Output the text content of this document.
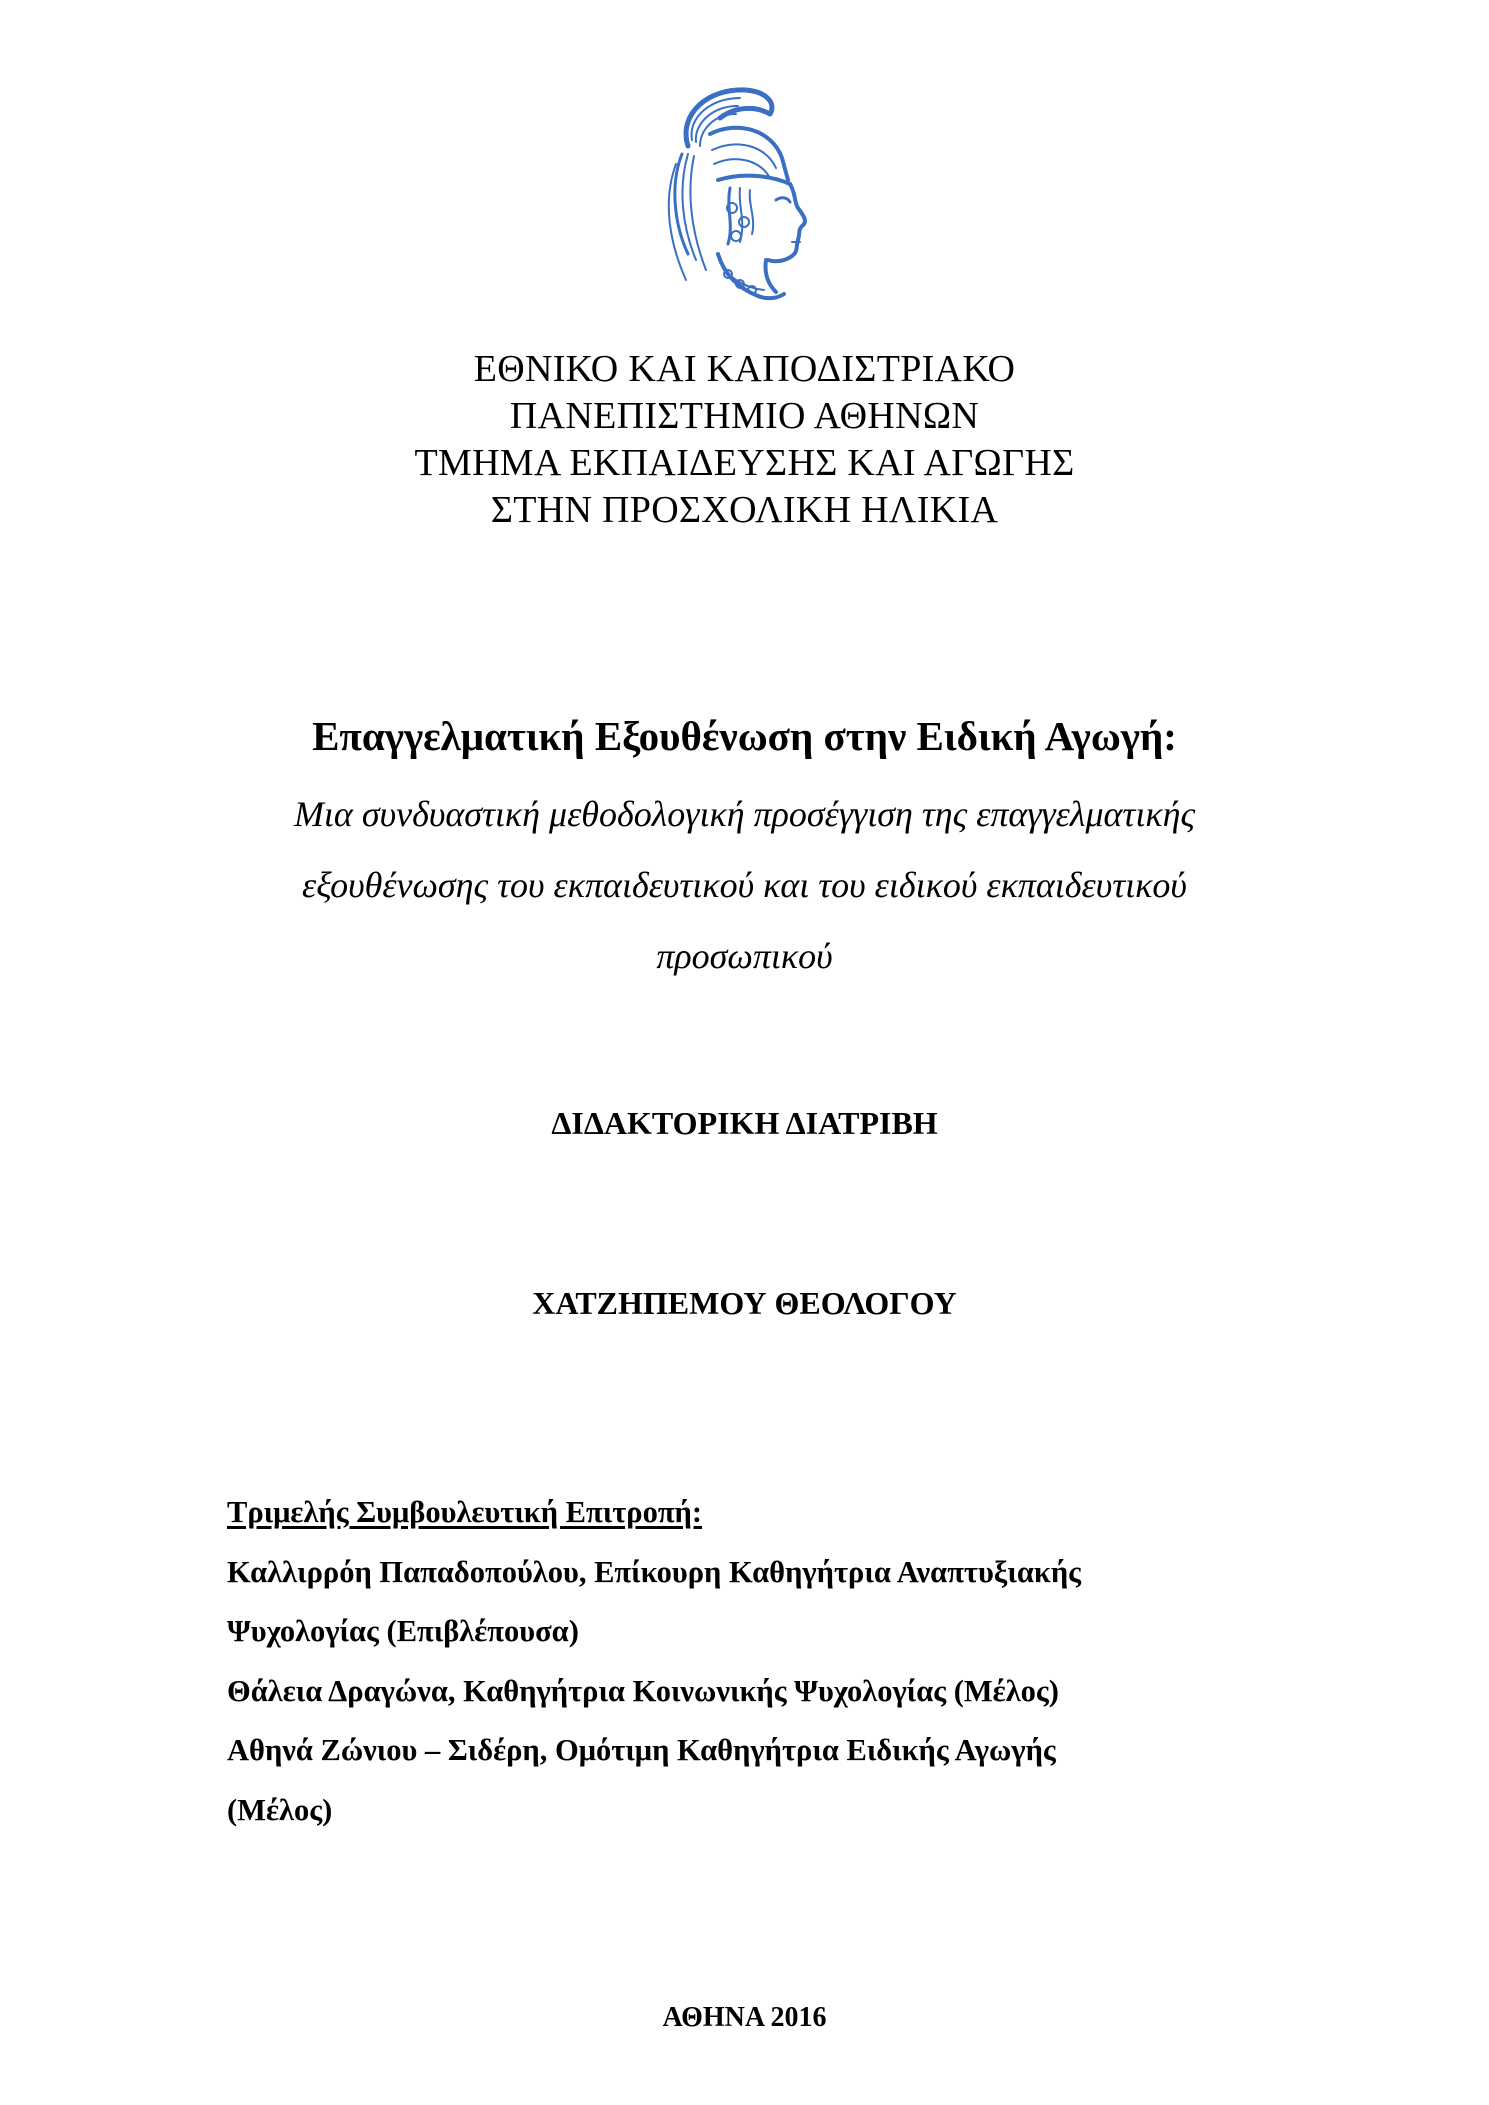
ΕΘΝΙΚΟ ΚΑΙ ΚΑΠΟΔΙΣΤΡΙΑΚΟ
ΠΑΝΕΠΙΣΤΗΜΙΟ ΑΘΗΝΩΝ
ΤΜΗΜΑ ΕΚΠΑΙΔΕΥΣΗΣ ΚΑΙ ΑΓΩΓΗΣ
ΣΤΗΝ ΠΡΟΣΧΟΛΙΚΗ ΗΛΙΚΙΑ
Επαγγελματική Εξουθένωση στην Ειδική Αγωγή:
Μια συνδυαστική μεθοδολογική προσέγγιση της επαγγελματικής
εξουθένωσης του εκπαιδευτικού και του ειδικού εκπαιδευτικού
προσωπικού
ΔΙΔΑΚΤΟΡΙΚΗ ΔΙΑΤΡΙΒΗ
ΧΑΤΖΗΠΕΜΟΥ ΘΕΟΛΟΓΟΥ
Τριμελής Συμβουλευτική Επιτροπή:
Καλλιρρόη Παπαδοπούλου, Επίκουρη Καθηγήτρια Αναπτυξιακής
Ψυχολογίας (Επιβλέπουσα)
Θάλεια Δραγώνα, Καθηγήτρια Κοινωνικής Ψυχολογίας (Μέλος)
Αθηνά Ζώνιου – Σιδέρη, Ομότιμη Καθηγήτρια Ειδικής Αγωγής
(Μέλος)
ΑΘΗΝΑ 2016
